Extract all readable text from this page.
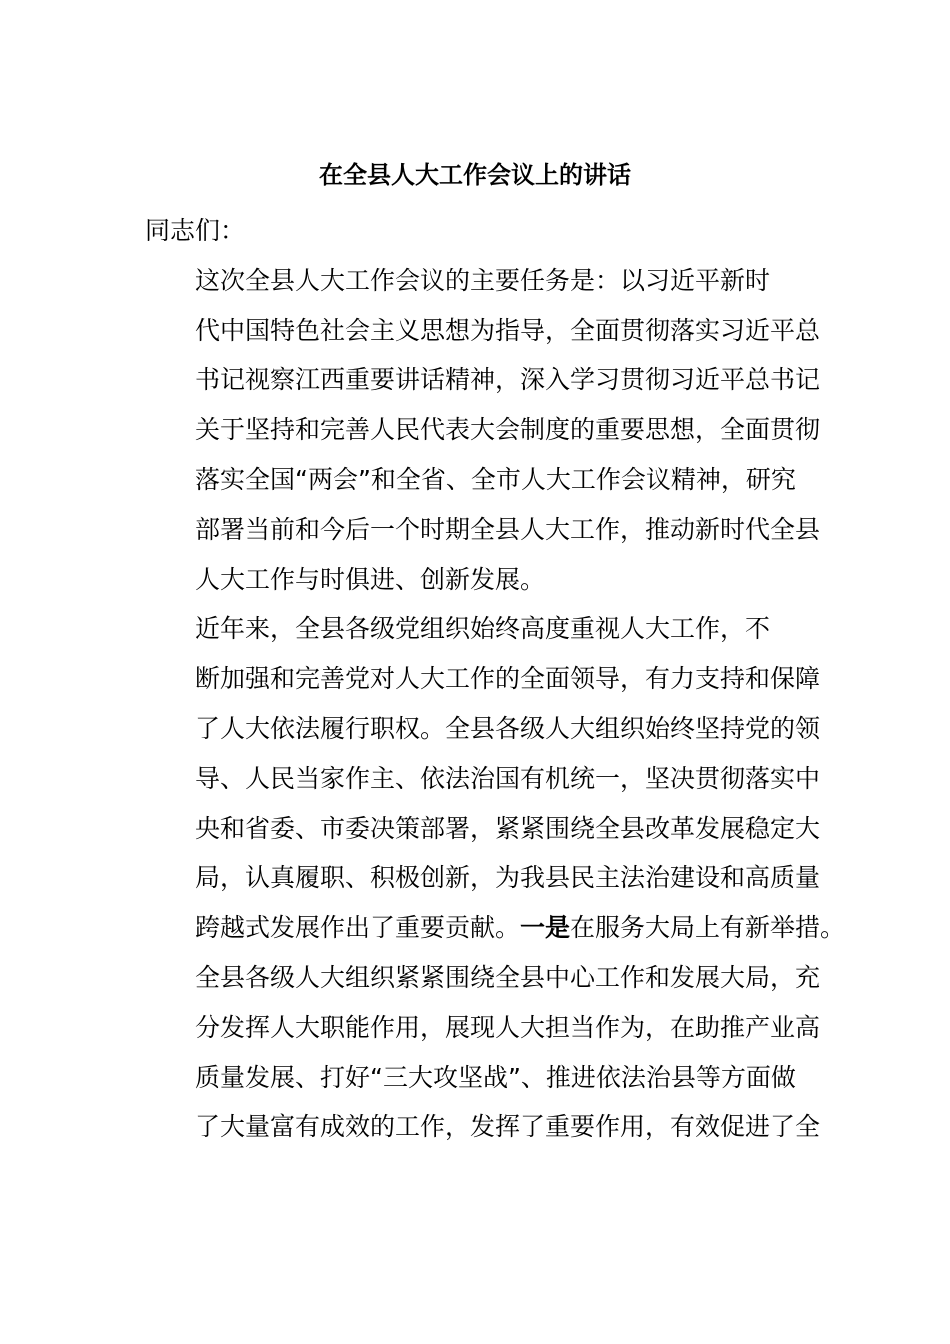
在全县人大工作会议上的讲话

同志们：

这次全县人大工作会议的主要任务是：以习近平新时
代中国特色社会主义思想为指导，全面贯彻落实习近平总
书记视察江西重要讲话精神，深入学习贯彻习近平总书记
关于坚持和完善人民代表大会制度的重要思想，全面贯彻
落实全国“两会”和全省、全市人大工作会议精神，研究
部署当前和今后一个时期全县人大工作，推动新时代全县
人大工作与时俱进、创新发展。

近年来，全县各级党组织始终高度重视人大工作，不
断加强和完善党对人大工作的全面领导，有力支持和保障
了人大依法履行职权。全县各级人大组织始终坚持党的领
导、人民当家作主、依法治国有机统一，坚决贯彻落实中
央和省委、市委决策部署，紧紧围绕全县改革发展稳定大
局，认真履职、积极创新，为我县民主法治建设和高质量
跨越式发展作出了重要贡献。一是在服务大局上有新举措。
全县各级人大组织紧紧围绕全县中心工作和发展大局，充
分发挥人大职能作用，展现人大担当作为，在助推产业高
质量发展、打好“三大攻坚战”、推进依法治县等方面做
了大量富有成效的工作，发挥了重要作用，有效促进了全
